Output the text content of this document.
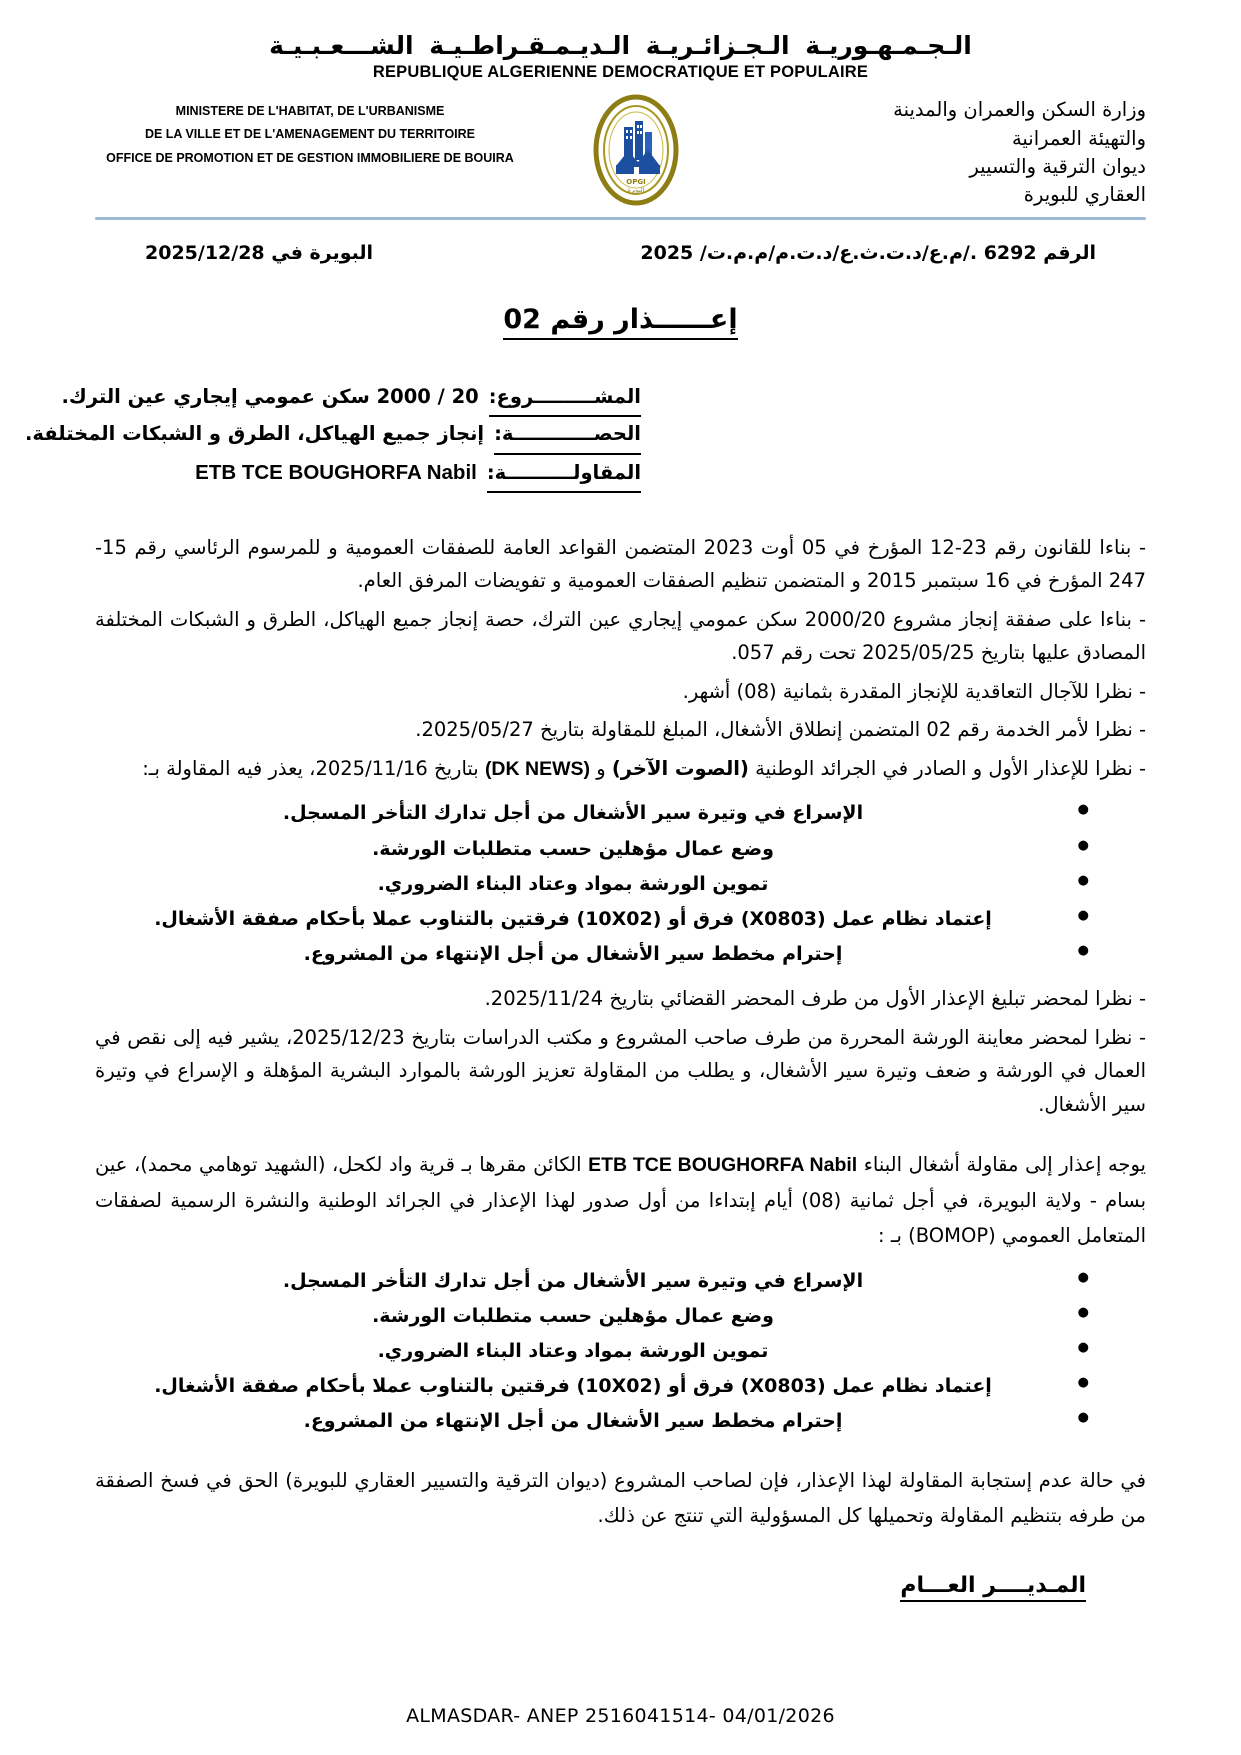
الـجـمـهـوريـة الـجـزائـريـة الـديـمـقـراطـيـة الشـــعـبـيـة
REPUBLIQUE ALGERIENNE DEMOCRATIQUE ET POPULAIRE
MINISTERE DE L'HABITAT, DE L'URBANISME
DE LA VILLE ET DE L'AMENAGEMENT DU TERRITOIRE
OFFICE DE PROMOTION ET DE GESTION IMMOBILIERE DE BOUIRA
OPGI
البويرة
وزارة السكن والعمران والمدينة
والتهيئة العمرانية
ديوان الترقية والتسيير
العقاري للبويرة
الرقم 6292 ./م.ع/د.ت.ث.ع/د.ت.م/م.م.ت/ 2025
البويرة في 2025/12/28
إعــــــذار رقم 02
المشـــــــــروع:
20 / 2000 سكن عمومي إيجاري عين الترك.
الحصــــــــــــة:
إنجاز جميع الهياكل، الطرق و الشبكات المختلفة.
المقاولــــــــــة:
ETB TCE BOUGHORFA Nabil
- بناءا للقانون رقم 23-12 المؤرخ في 05 أوت 2023 المتضمن القواعد العامة للصفقات العمومية و للمرسوم الرئاسي رقم 15-247 المؤرخ في 16 سبتمبر 2015 و المتضمن تنظيم الصفقات العمومية و تفويضات المرفق العام.
- بناءا على صفقة إنجاز مشروع 2000/20 سكن عمومي إيجاري عين الترك، حصة إنجاز جميع الهياكل، الطرق و الشبكات المختلفة المصادق عليها بتاريخ 2025/05/25 تحت رقم 057.
- نظرا للآجال التعاقدية للإنجاز المقدرة بثمانية (08) أشهر.
- نظرا لأمر الخدمة رقم 02 المتضمن إنطلاق الأشغال، المبلغ للمقاولة بتاريخ 2025/05/27.
- نظرا للإعذار الأول و الصادر في الجرائد الوطنية (الصوت الآخر) و (DK NEWS) بتاريخ 2025/11/16، يعذر فيه المقاولة بـ:
● الإسراع في وتيرة سير الأشغال من أجل تدارك التأخر المسجل.
● وضع عمال مؤهلين حسب متطلبات الورشة.
● تموين الورشة بمواد وعتاد البناء الضروري.
● إعتماد نظام عمل (X0803) فرق أو (10X02) فرقتين بالتناوب عملا بأحكام صفقة الأشغال.
● إحترام مخطط سير الأشغال من أجل الإنتهاء من المشروع.
- نظرا لمحضر تبليغ الإعذار الأول من طرف المحضر القضائي بتاريخ 2025/11/24.
- نظرا لمحضر معاينة الورشة المحررة من طرف صاحب المشروع و مكتب الدراسات بتاريخ 2025/12/23، يشير فيه إلى نقص في العمال في الورشة و ضعف وتيرة سير الأشغال، و يطلب من المقاولة تعزيز الورشة بالموارد البشرية المؤهلة و الإسراع في وتيرة سير الأشغال.
يوجه إعذار إلى مقاولة أشغال البناء ETB TCE BOUGHORFA Nabil الكائن مقرها بـ قرية واد لكحل، (الشهيد توهامي محمد)، عين بسام - ولاية البويرة، في أجل ثمانية (08) أيام إبتداءا من أول صدور لهذا الإعذار في الجرائد الوطنية والنشرة الرسمية لصفقات المتعامل العمومي (BOMOP) بـ :
● الإسراع في وتيرة سير الأشغال من أجل تدارك التأخر المسجل.
● وضع عمال مؤهلين حسب متطلبات الورشة.
● تموين الورشة بمواد وعتاد البناء الضروري.
● إعتماد نظام عمل (X0803) فرق أو (10X02) فرقتين بالتناوب عملا بأحكام صفقة الأشغال.
● إحترام مخطط سير الأشغال من أجل الإنتهاء من المشروع.
في حالة عدم إستجابة المقاولة لهذا الإعذار، فإن لصاحب المشروع (ديوان الترقية والتسيير العقاري للبويرة) الحق في فسخ الصفقة من طرفه بتنظيم المقاولة وتحميلها كل المسؤولية التي تنتج عن ذلك.
المـديــــر العـــام
ALMASDAR- ANEP 2516041514- 04/01/2026
